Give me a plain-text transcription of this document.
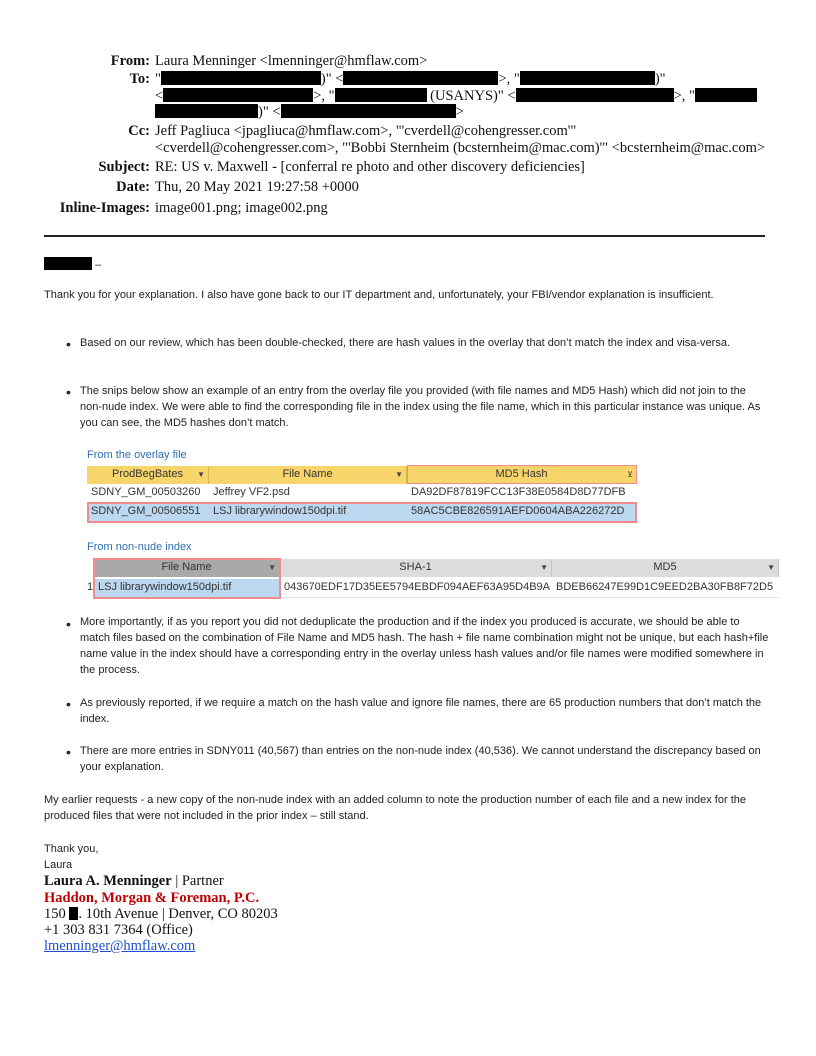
From: Laura Menninger <lmenninger@hmflaw.com>
To: "	)" <	>, "	)"
<	>, "	(USANYS)" <	>, "
)" <	>
Cc: Jeff Pagliuca <jpagliuca@hmflaw.com>, "'cverdell@cohengresser.com'"
<cverdell@cohengresser.com>, "'Bobbi Sternheim (bcsternheim@mac.com)'" <bcsternheim@mac.com>
Subject: RE: US v. Maxwell - [conferral re photo and other discovery deficiencies]
Date: Thu, 20 May 2021 19:27:58 +0000
Inline-Images: image001.png; image002.png
–
Thank you for your explanation. I also have gone back to our IT department and, unfortunately, your FBI/vendor explanation is insufficient.
• Based on our review, which has been double-checked, there are hash values in the overlay that don’t match the index and visa-versa.
• The snips below show an example of an entry from the overlay file you provided (with file names and MD5 Hash) which did not join to the non-nude index. We were able to find the corresponding file in the index using the file name, which in this particular instance was unique. As you can see, the MD5 hashes don’t match.
From the overlay file
ProdBegBates ▼	File Name	▼	MD5 Hash	⊻
SDNY_GM_00503260	Jeffrey VF2.psd	DA92DF87819FCC13F38E0584D8D77DFB
SDNY_GM_00506551	LSJ librarywindow150dpi.tif	58AC5CBE826591AEFD0604ABA226272D
From non-nude index
File Name	▼	SHA-1	▼	MD5	▼
1 LSJ librarywindow150dpi.tif	043670EDF17D35EE5794EBDF094AEF63A95D4B9A BDEB66247E99D1C9EED2BA30FB8F72D5
• More importantly, if as you report you did not deduplicate the production and if the index you produced is accurate, we should be able to match files based on the combination of File Name and MD5 hash. The hash + file name combination might not be unique, but each hash+file name value in the index should have a corresponding entry in the overlay unless hash values and/or file names were modified somewhere in the process.
• As previously reported, if we require a match on the hash value and ignore file names, there are 65 production numbers that don’t match the index.
• There are more entries in SDNY011 (40,567) than entries on the non-nude index (40,536). We cannot understand the discrepancy based on your explanation.
My earlier requests - a new copy of the non-nude index with an added column to note the production number of each file and a new index for the produced files that were not included in the prior index – still stand.
Thank you,
Laura
Laura A. Menninger | Partner
Haddon, Morgan & Foreman, P.C.
150 . 10th Avenue | Denver, CO 80203
+1 303 831 7364 (Office)
lmenninger@hmflaw.com
